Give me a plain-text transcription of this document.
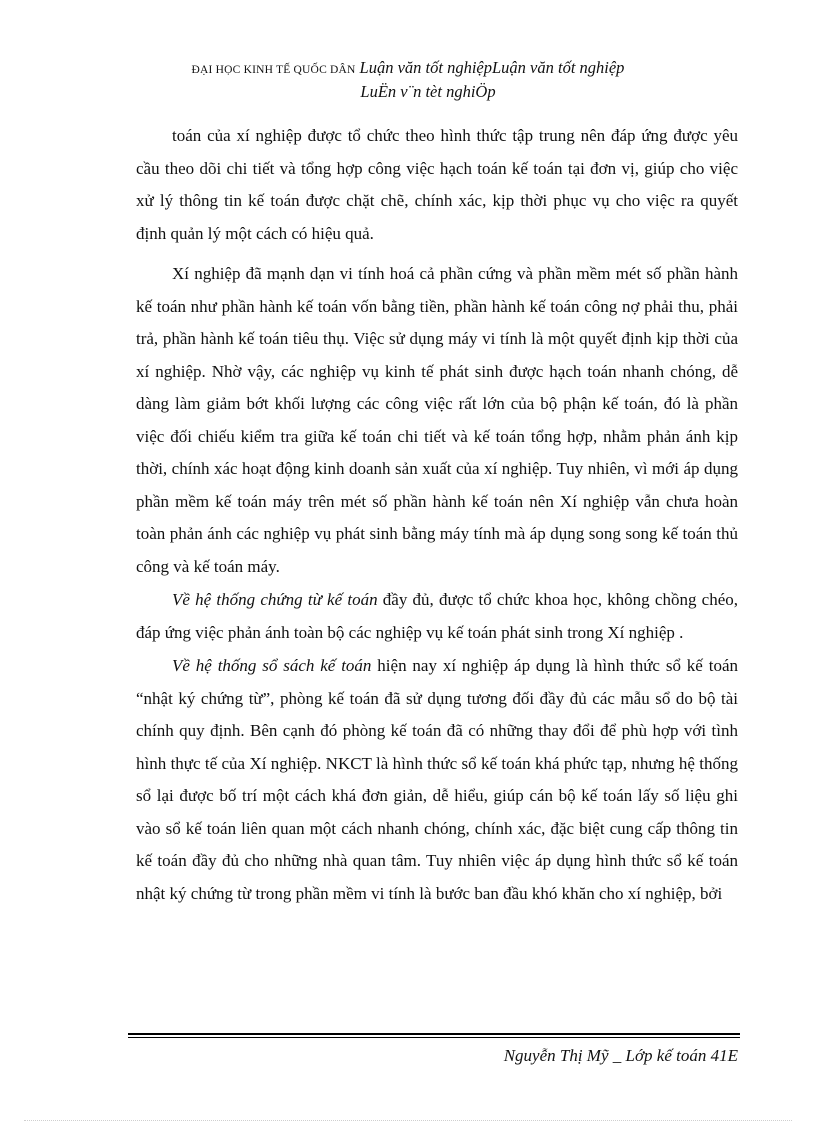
ĐẠI HỌC KINH TẾ QUỐC DÂN Luận văn tốt nghiệpLuận văn tốt nghiệp
LuËn v¨n tèt nghiÖp

toán của xí nghiệp được tổ chức theo hình thức tập trung nên đáp ứng được yêu cầu theo dõi chi tiết và tổng hợp công việc hạch toán kế toán tại đơn vị, giúp cho việc xử lý thông tin kế toán được chặt chẽ, chính xác, kịp thời phục vụ cho việc ra quyết định quản lý một cách có hiệu quả.

Xí nghiệp đã mạnh dạn vi tính hoá cả phần cứng và phần mềm mét số phần hành kế toán như phần hành kế toán vốn bằng tiền, phần hành kế toán công nợ phải thu, phải trả, phần hành kế toán tiêu thụ. Việc sử dụng máy vi tính là một quyết định kịp thời của xí nghiệp. Nhờ vậy, các nghiệp vụ kinh tế phát sinh được hạch toán nhanh chóng, dễ dàng làm giảm bớt khối lượng các công việc rất lớn của bộ phận kế toán, đó là phần việc đối chiếu kiểm tra giữa kế toán chi tiết và kế toán tổng hợp, nhằm phản ánh kịp thời, chính xác hoạt động kinh doanh sản xuất của xí nghiệp. Tuy nhiên, vì mới áp dụng phần mềm kế toán máy trên mét số phần hành kế toán nên Xí nghiệp vẫn chưa hoàn toàn phản ánh các nghiệp vụ phát sinh bằng máy tính mà áp dụng song song kế toán thủ công và kế toán máy.

Về hệ thống chứng từ kế toán đầy đủ, được tổ chức khoa học, không chồng chéo, đáp ứng việc phản ánh toàn bộ các nghiệp vụ kế toán phát sinh trong Xí nghiệp .

Về hệ thống sổ sách kế toán hiện nay xí nghiệp áp dụng là hình thức sổ kế toán “nhật ký chứng từ”, phòng kế toán đã sử dụng tương đối đầy đủ các mẫu sổ do bộ tài chính quy định. Bên cạnh đó phòng kế toán đã có những thay đổi để phù hợp với tình hình thực tế của Xí nghiệp. NKCT là hình thức sổ kế toán khá phức tạp, nhưng hệ thống sổ lại được bố trí một cách khá đơn giản, dễ hiểu, giúp cán bộ kế toán lấy số liệu ghi vào sổ kế toán liên quan một cách nhanh chóng, chính xác, đặc biệt cung cấp thông tin kế toán đầy đủ cho những nhà quan tâm. Tuy nhiên việc áp dụng hình thức sổ kế toán nhật ký chứng từ trong phần mềm vi tính là bước ban đầu khó khăn cho xí nghiệp, bởi

Nguyễn Thị Mỹ _ Lớp kế toán 41E
